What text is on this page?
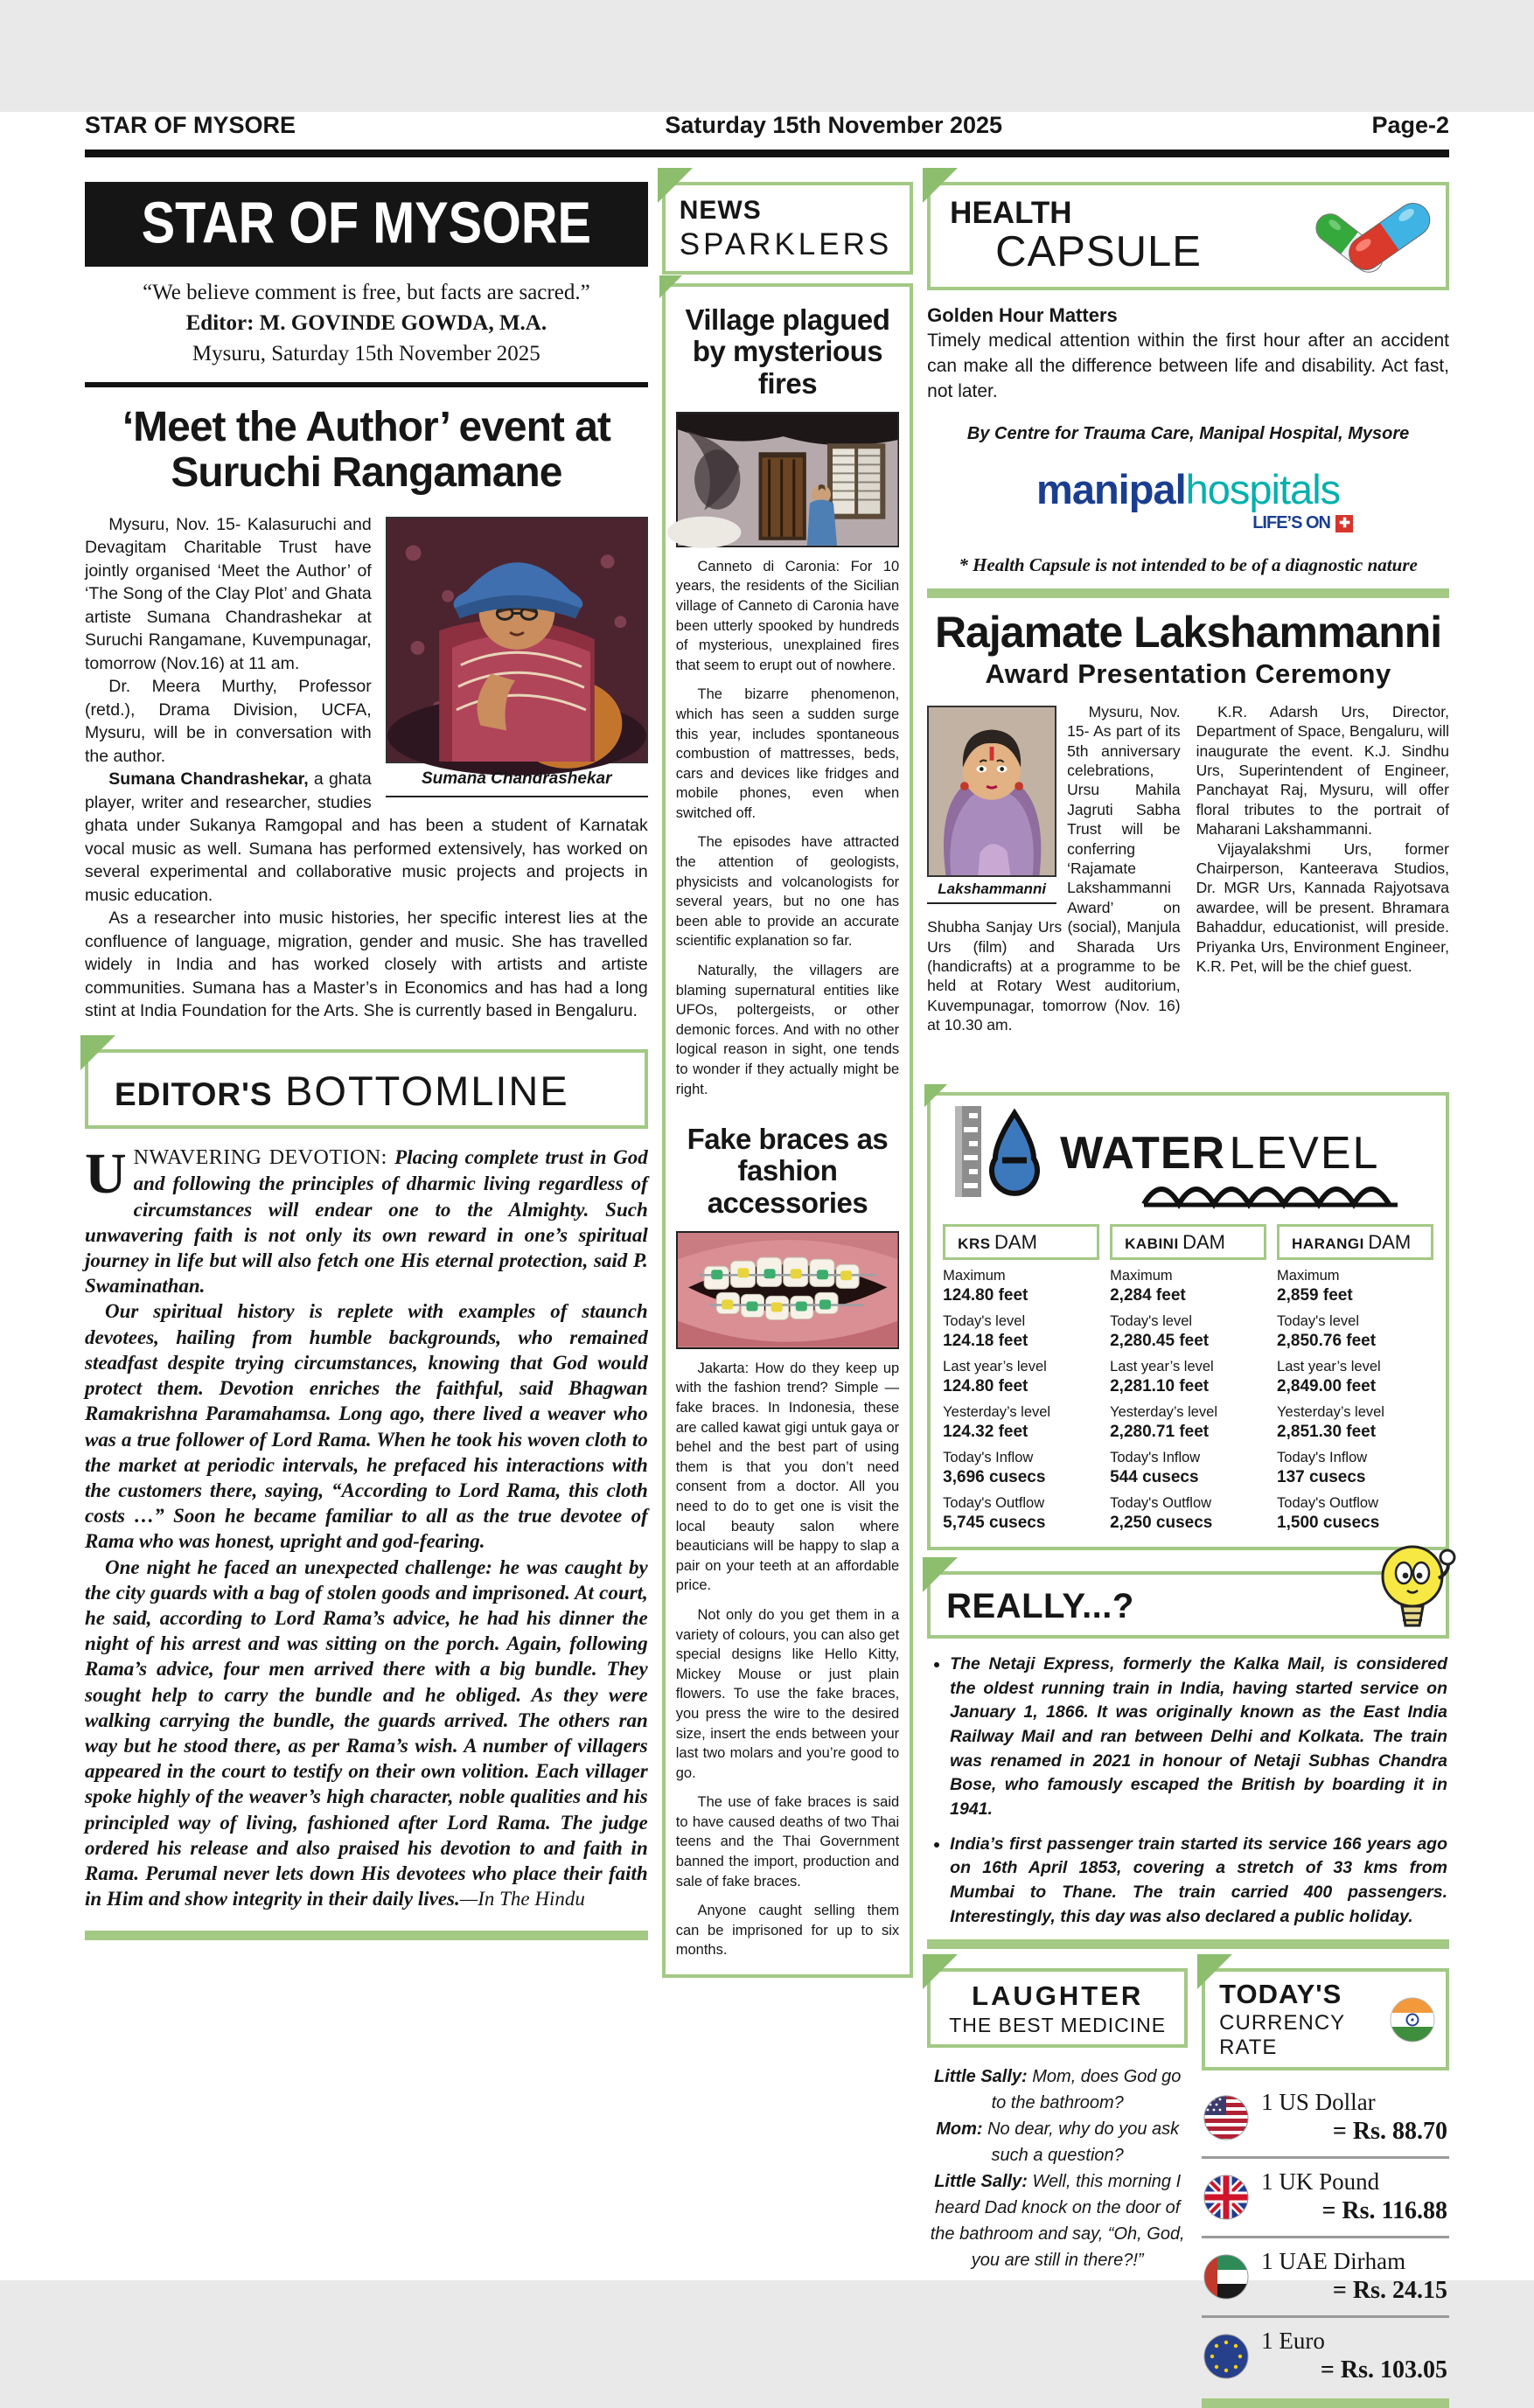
STAR OF MYSORE	Saturday 15th November 2025	Page-2
STAR OF MYSORE
“We believe comment is free, but facts are sacred.”
Editor: M. GOVINDE GOWDA, M.A.
Mysuru, Saturday 15th November 2025
‘Meet the Author’ event at Suruchi Rangamane
Sumana Chandrashekar

Mysuru, Nov. 15- Kalasuruchi and Devagitam Charitable Trust have jointly organised ‘Meet the Author’ of ‘The Song of the Clay Plot’ and Ghata artiste Sumana Chandrashekar at Suruchi Rangamane, Kuvempunagar, tomorrow (Nov.16) at 11 am.

Dr. Meera Murthy, Professor (retd.), Drama Division, UCFA, Mysuru, will be in conversation with the author.

Sumana Chandrashekar, a ghata player, writer and researcher, studies ghata under Sukanya Ramgopal and has been a student of Karnatak vocal music as well. Sumana has performed extensively, has worked on several experimental and collaborative music projects and projects in music education.

As a researcher into music histories, her specific interest lies at the confluence of language, migration, gender and music. She has travelled widely in India and has worked closely with artists and artiste communities. Sumana has a Master’s in Economics and has had a long stint at India Foundation for the Arts. She is currently based in Bengaluru.

EDITOR'S BOTTOMLINE

UNWAVERING DEVOTION: Placing complete trust in God and following the principles of dharmic living regardless of circumstances will endear one to the Almighty. Such unwavering faith is not only its own reward in one’s spiritual journey in life but will also fetch one His eternal protection, said P. Swaminathan.

Our spiritual history is replete with examples of staunch devotees, hailing from humble backgrounds, who remained steadfast despite trying circumstances, knowing that God would protect them. Devotion enriches the faithful, said Bhagwan Ramakrishna Paramahamsa. Long ago, there lived a weaver who was a true follower of Lord Rama. When he took his woven cloth to the market at periodic intervals, he prefaced his interactions with the customers there, saying, “According to Lord Rama, this cloth costs …” Soon he became familiar to all as the true devotee of Rama who was honest, upright and god-fearing.

One night he faced an unexpected challenge: he was caught by the city guards with a bag of stolen goods and imprisoned. At court, he said, according to Lord Rama’s advice, he had his dinner the night of his arrest and was sitting on the porch. Again, following Rama’s advice, four men arrived there with a big bundle. They sought help to carry the bundle and he obliged. As they were walking carrying the bundle, the guards arrived. The others ran way but he stood there, as per Rama’s wish. A number of villagers appeared in the court to testify on their own volition. Each villager spoke highly of the weaver’s high character, noble qualities and his principled way of living, fashioned after Lord Rama. The judge ordered his release and also praised his devotion to and faith in Rama. Perumal never lets down His devotees who place their faith in Him and show integrity in their daily lives.—In The Hindu

NEWS
SPARKLERS
Village plagued by mysterious fires

Canneto di Caronia: For 10 years, the residents of the Sicilian village of Canneto di Caronia have been utterly spooked by hundreds of mysterious, unexplained fires that seem to erupt out of nowhere.

The bizarre phenomenon, which has seen a sudden surge this year, includes spontaneous combustion of mattresses, beds, cars and devices like fridges and mobile phones, even when switched off.

The episodes have attracted the attention of geologists, physicists and volcanologists for several years, but no one has been able to provide an accurate scientific explanation so far.

Naturally, the villagers are blaming supernatural entities like UFOs, poltergeists, or other demonic forces. And with no other logical reason in sight, one tends to wonder if they actually might be right.

Fake braces as fashion accessories

Jakarta: How do they keep up with the fashion trend? Simple — fake braces. In Indonesia, these are called kawat gigi untuk gaya or behel and the best part of using them is that you don’t need consent from a doctor. All you need to do to get one is visit the local beauty salon where beauticians will be happy to slap a pair on your teeth at an affordable price.

Not only do you get them in a variety of colours, you can also get special designs like Hello Kitty, Mickey Mouse or just plain flowers. To use the fake braces, you press the wire to the desired size, insert the ends between your last two molars and you’re good to go.

The use of fake braces is said to have caused deaths of two Thai teens and the Thai Government banned the import, production and sale of fake braces.

Anyone caught selling them can be imprisoned for up to six months.

HEALTH
CAPSULE
Golden Hour Matters
Timely medical attention within the first hour after an accident can make all the difference between life and disability. Act fast, not later.
By Centre for Trauma Care, Manipal Hospital, Mysore
manipalhospitals
LIFE’S ON ✚
* Health Capsule is not intended to be of a diagnostic nature
Rajamate Lakshammanni
Award Presentation Ceremony
Lakshammanni

Mysuru, Nov. 15- As part of its 5th anniversary celebrations, Ursu Mahila Jagruti Sabha Trust will be conferring ‘Rajamate Lakshammanni Award’ on Shubha Sanjay Urs (social), Manjula Urs (film) and Sharada Urs (handicrafts) at a programme to be held at Rotary West auditorium, Kuvempunagar, tomorrow (Nov. 16) at 10.30 am.

K.R. Adarsh Urs, Director, Department of Space, Bengaluru, will inaugurate the event. K.J. Sindhu Urs, Superintendent of Engineer, Panchayat Raj, Mysuru, will offer floral tributes to the portrait of Maharani Lakshammanni.

Vijayalakshmi Urs, former Chairperson, Kanteerava Studios, Dr. MGR Urs, Kannada Rajyotsava awardee, will be present. Bhramara Bahaddur, educationist, will preside. Priyanka Urs, Environment Engineer, K.R. Pet, will be the chief guest.

WATER LEVEL
KRS DAM
Maximum
124.80 feet
Today's level
124.18 feet
Last year’s level
124.80 feet
Yesterday’s level
124.32 feet
Today's Inflow
3,696 cusecs
Today's Outflow
5,745 cusecs
KABINI DAM
Maximum
2,284 feet
Today's level
2,280.45 feet
Last year’s level
2,281.10 feet
Yesterday’s level
2,280.71 feet
Today's Inflow
544 cusecs
Today's Outflow
2,250 cusecs
HARANGI DAM
Maximum
2,859 feet
Today's level
2,850.76 feet
Last year’s level
2,849.00 feet
Yesterday’s level
2,851.30 feet
Today's Inflow
137 cusecs
Today's Outflow
1,500 cusecs
REALLY...?
• The Netaji Express, formerly the Kalka Mail, is considered the oldest running train in India, having started service on January 1, 1866. It was originally known as the East India Railway Mail and ran between Delhi and Kolkata. The train was renamed in 2021 in honour of Netaji Subhas Chandra Bose, who famously escaped the British by boarding it in 1941.
• India’s first passenger train started its service 166 years ago on 16th April 1853, covering a stretch of 33 kms from Mumbai to Thane. The train carried 400 passengers. Interestingly, this day was also declared a public holiday.
LAUGHTER
THE BEST MEDICINE

Little Sally: Mom, does God go to the bathroom?

Mom: No dear, why do you ask such a question?

Little Sally: Well, this morning I heard Dad knock on the door of the bathroom and say, “Oh, God, you are still in there?!”

TODAY'S
CURRENCY RATE
1 US Dollar
= Rs. 88.70
1 UK Pound
= Rs. 116.88
1 UAE Dirham
= Rs. 24.15
1 Euro
= Rs. 103.05
